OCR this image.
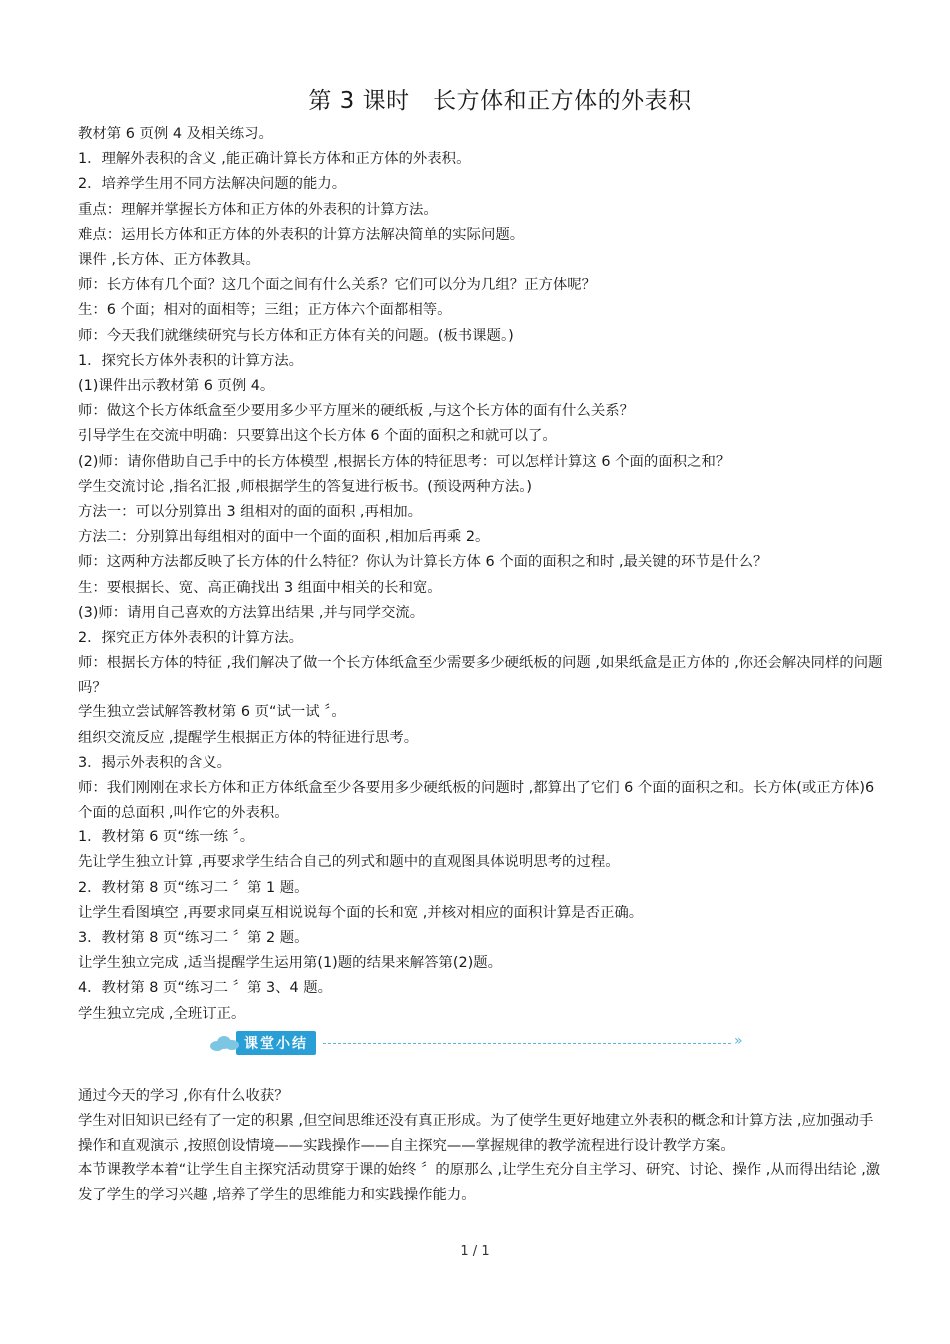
第 3 课时　长方体和正方体的外表积

教材第 6 页例 4 及相关练习。

1．理解外表积的含义 ,能正确计算长方体和正方体的外表积。

2．培养学生用不同方法解决问题的能力。

重点：理解并掌握长方体和正方体的外表积的计算方法。

难点：运用长方体和正方体的外表积的计算方法解决简单的实际问题。

课件 ,长方体、正方体教具。

师：长方体有几个面？这几个面之间有什么关系？它们可以分为几组？正方体呢？

生：6 个面；相对的面相等；三组；正方体六个面都相等。

师：今天我们就继续研究与长方体和正方体有关的问题。(板书课题。)

1．探究长方体外表积的计算方法。

(1)课件出示教材第 6 页例 4。

师：做这个长方体纸盒至少要用多少平方厘米的硬纸板 ,与这个长方体的面有什么关系？

引导学生在交流中明确：只要算出这个长方体 6 个面的面积之和就可以了。

(2)师：请你借助自己手中的长方体模型 ,根据长方体的特征思考：可以怎样计算这 6 个面的面积之和？

学生交流讨论 ,指名汇报 ,师根据学生的答复进行板书。(预设两种方法。)

方法一：可以分别算出 3 组相对的面的面积 ,再相加。

方法二：分别算出每组相对的面中一个面的面积 ,相加后再乘 2。

师：这两种方法都反映了长方体的什么特征？你认为计算长方体 6 个面的面积之和时 ,最关键的环节是什么？

生：要根据长、宽、高正确找出 3 组面中相关的长和宽。

(3)师：请用自己喜欢的方法算出结果 ,并与同学交流。

2．探究正方体外表积的计算方法。

师：根据长方体的特征 ,我们解决了做一个长方体纸盒至少需要多少硬纸板的问题 ,如果纸盒是正方体的 ,你还会解决同样的问题吗？

学生独立尝试解答教材第 6 页“试一试 〞。

组织交流反应 ,提醒学生根据正方体的特征进行思考。

3．揭示外表积的含义。

师：我们刚刚在求长方体和正方体纸盒至少各要用多少硬纸板的问题时 ,都算出了它们 6 个面的面积之和。长方体(或正方体)6 个面的总面积 ,叫作它的外表积。

1．教材第 6 页“练一练 〞。

先让学生独立计算 ,再要求学生结合自己的列式和题中的直观图具体说明思考的过程。

2．教材第 8 页“练习二 〞第 1 题。

让学生看图填空 ,再要求同桌互相说说每个面的长和宽 ,并核对相应的面积计算是否正确。

3．教材第 8 页“练习二 〞第 2 题。

让学生独立完成 ,适当提醒学生运用第(1)题的结果来解答第(2)题。

4．教材第 8 页“练习二 〞第 3、4 题。

学生独立完成 ,全班订正。

课堂小结	»

通过今天的学习 ,你有什么收获？

学生对旧知识已经有了一定的积累 ,但空间思维还没有真正形成。为了使学生更好地建立外表积的概念和计算方法 ,应加强动手操作和直观演示 ,按照创设情境——实践操作——自主探究——掌握规律的教学流程进行设计教学方案。

本节课教学本着“让学生自主探究活动贯穿于课的始终 〞的原那么 ,让学生充分自主学习、研究、讨论、操作 ,从而得出结论 ,激发了学生的学习兴趣 ,培养了学生的思维能力和实践操作能力。

1 / 1
